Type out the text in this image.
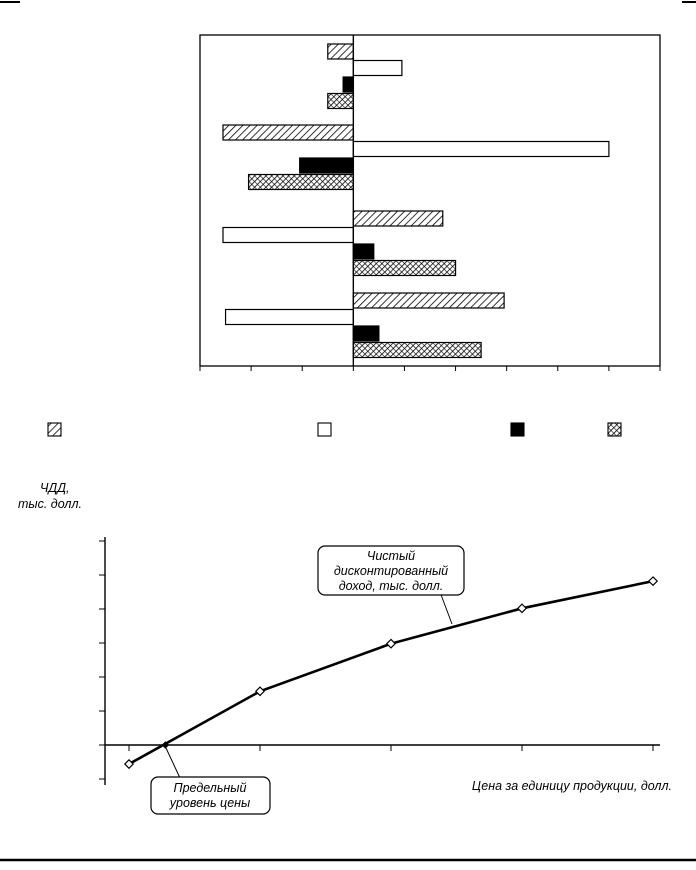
ЧДД,
тыс. долл.
Цена за единицу продукции, долл.
Чистый
дисконтированный
доход, тыс. долл.
Предельный
уровень цены
